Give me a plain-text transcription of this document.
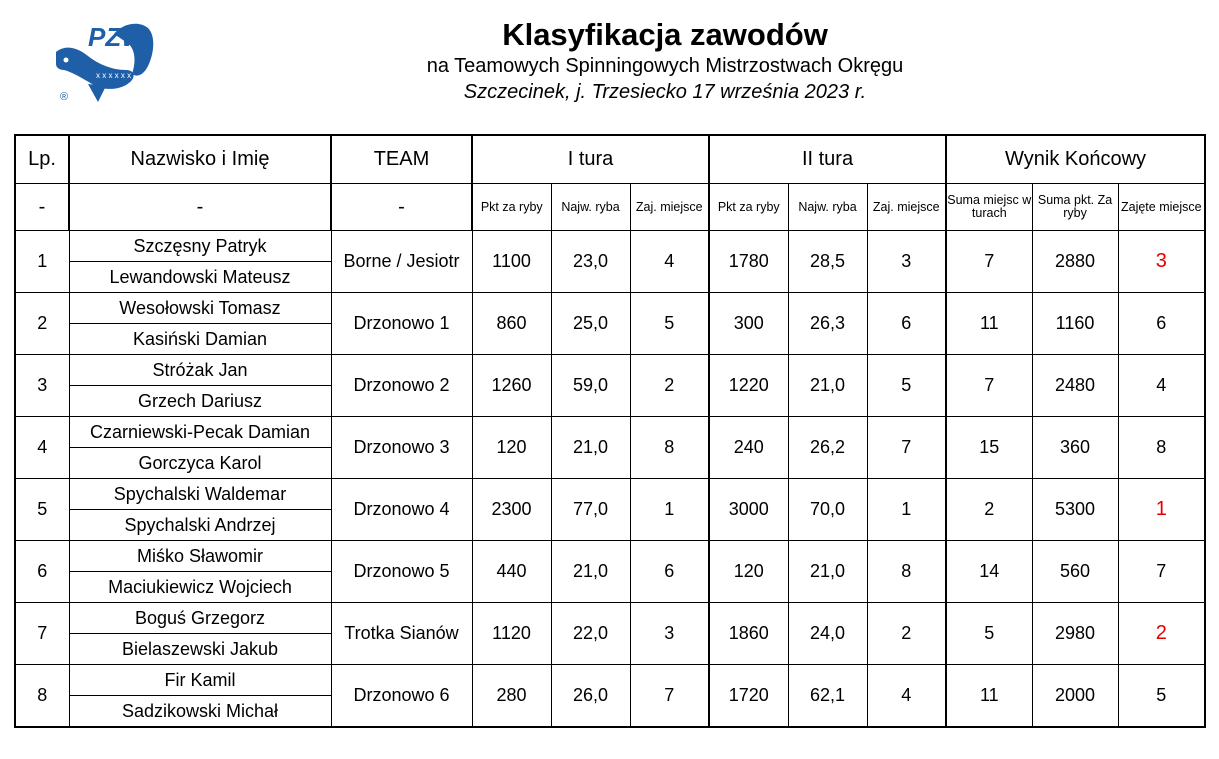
PZW
x x x x x x
®
Klasyfikacja zawodów
na Teamowych Spinningowych Mistrzostwach Okręgu
Szczecinek, j. Trzesiecko 17 września 2023 r.
Lp.	Nazwisko i Imię	TEAM	I tura			II tura			Wynik Końcowy		
-	-	-	Pkt za ryby	Najw. ryba	Zaj. miejsce	Pkt za ryby	Najw. ryba	Zaj. miejsce	Suma miejsc w turach	Suma pkt. Za ryby	Zajęte miejsce
1	Szczęsny Patryk	Borne / Jesiotr	1100	23,0	4	1780	28,5	3	7	2880	3
	Lewandowski Mateusz										
2	Wesołowski Tomasz	Drzonowo 1	860	25,0	5	300	26,3	6	11	1160	6
	Kasiński Damian										
3	Stróżak Jan	Drzonowo 2	1260	59,0	2	1220	21,0	5	7	2480	4
	Grzech Dariusz										
4	Czarniewski-Pecak Damian	Drzonowo 3	120	21,0	8	240	26,2	7	15	360	8
	Gorczyca Karol										
5	Spychalski Waldemar	Drzonowo 4	2300	77,0	1	3000	70,0	1	2	5300	1
	Spychalski Andrzej										
6	Miśko Sławomir	Drzonowo 5	440	21,0	6	120	21,0	8	14	560	7
	Maciukiewicz Wojciech										
7	Boguś Grzegorz	Trotka Sianów	1120	22,0	3	1860	24,0	2	5	2980	2
	Bielaszewski Jakub										
8	Fir Kamil	Drzonowo 6	280	26,0	7	1720	62,1	4	11	2000	5
	Sadzikowski Michał										
